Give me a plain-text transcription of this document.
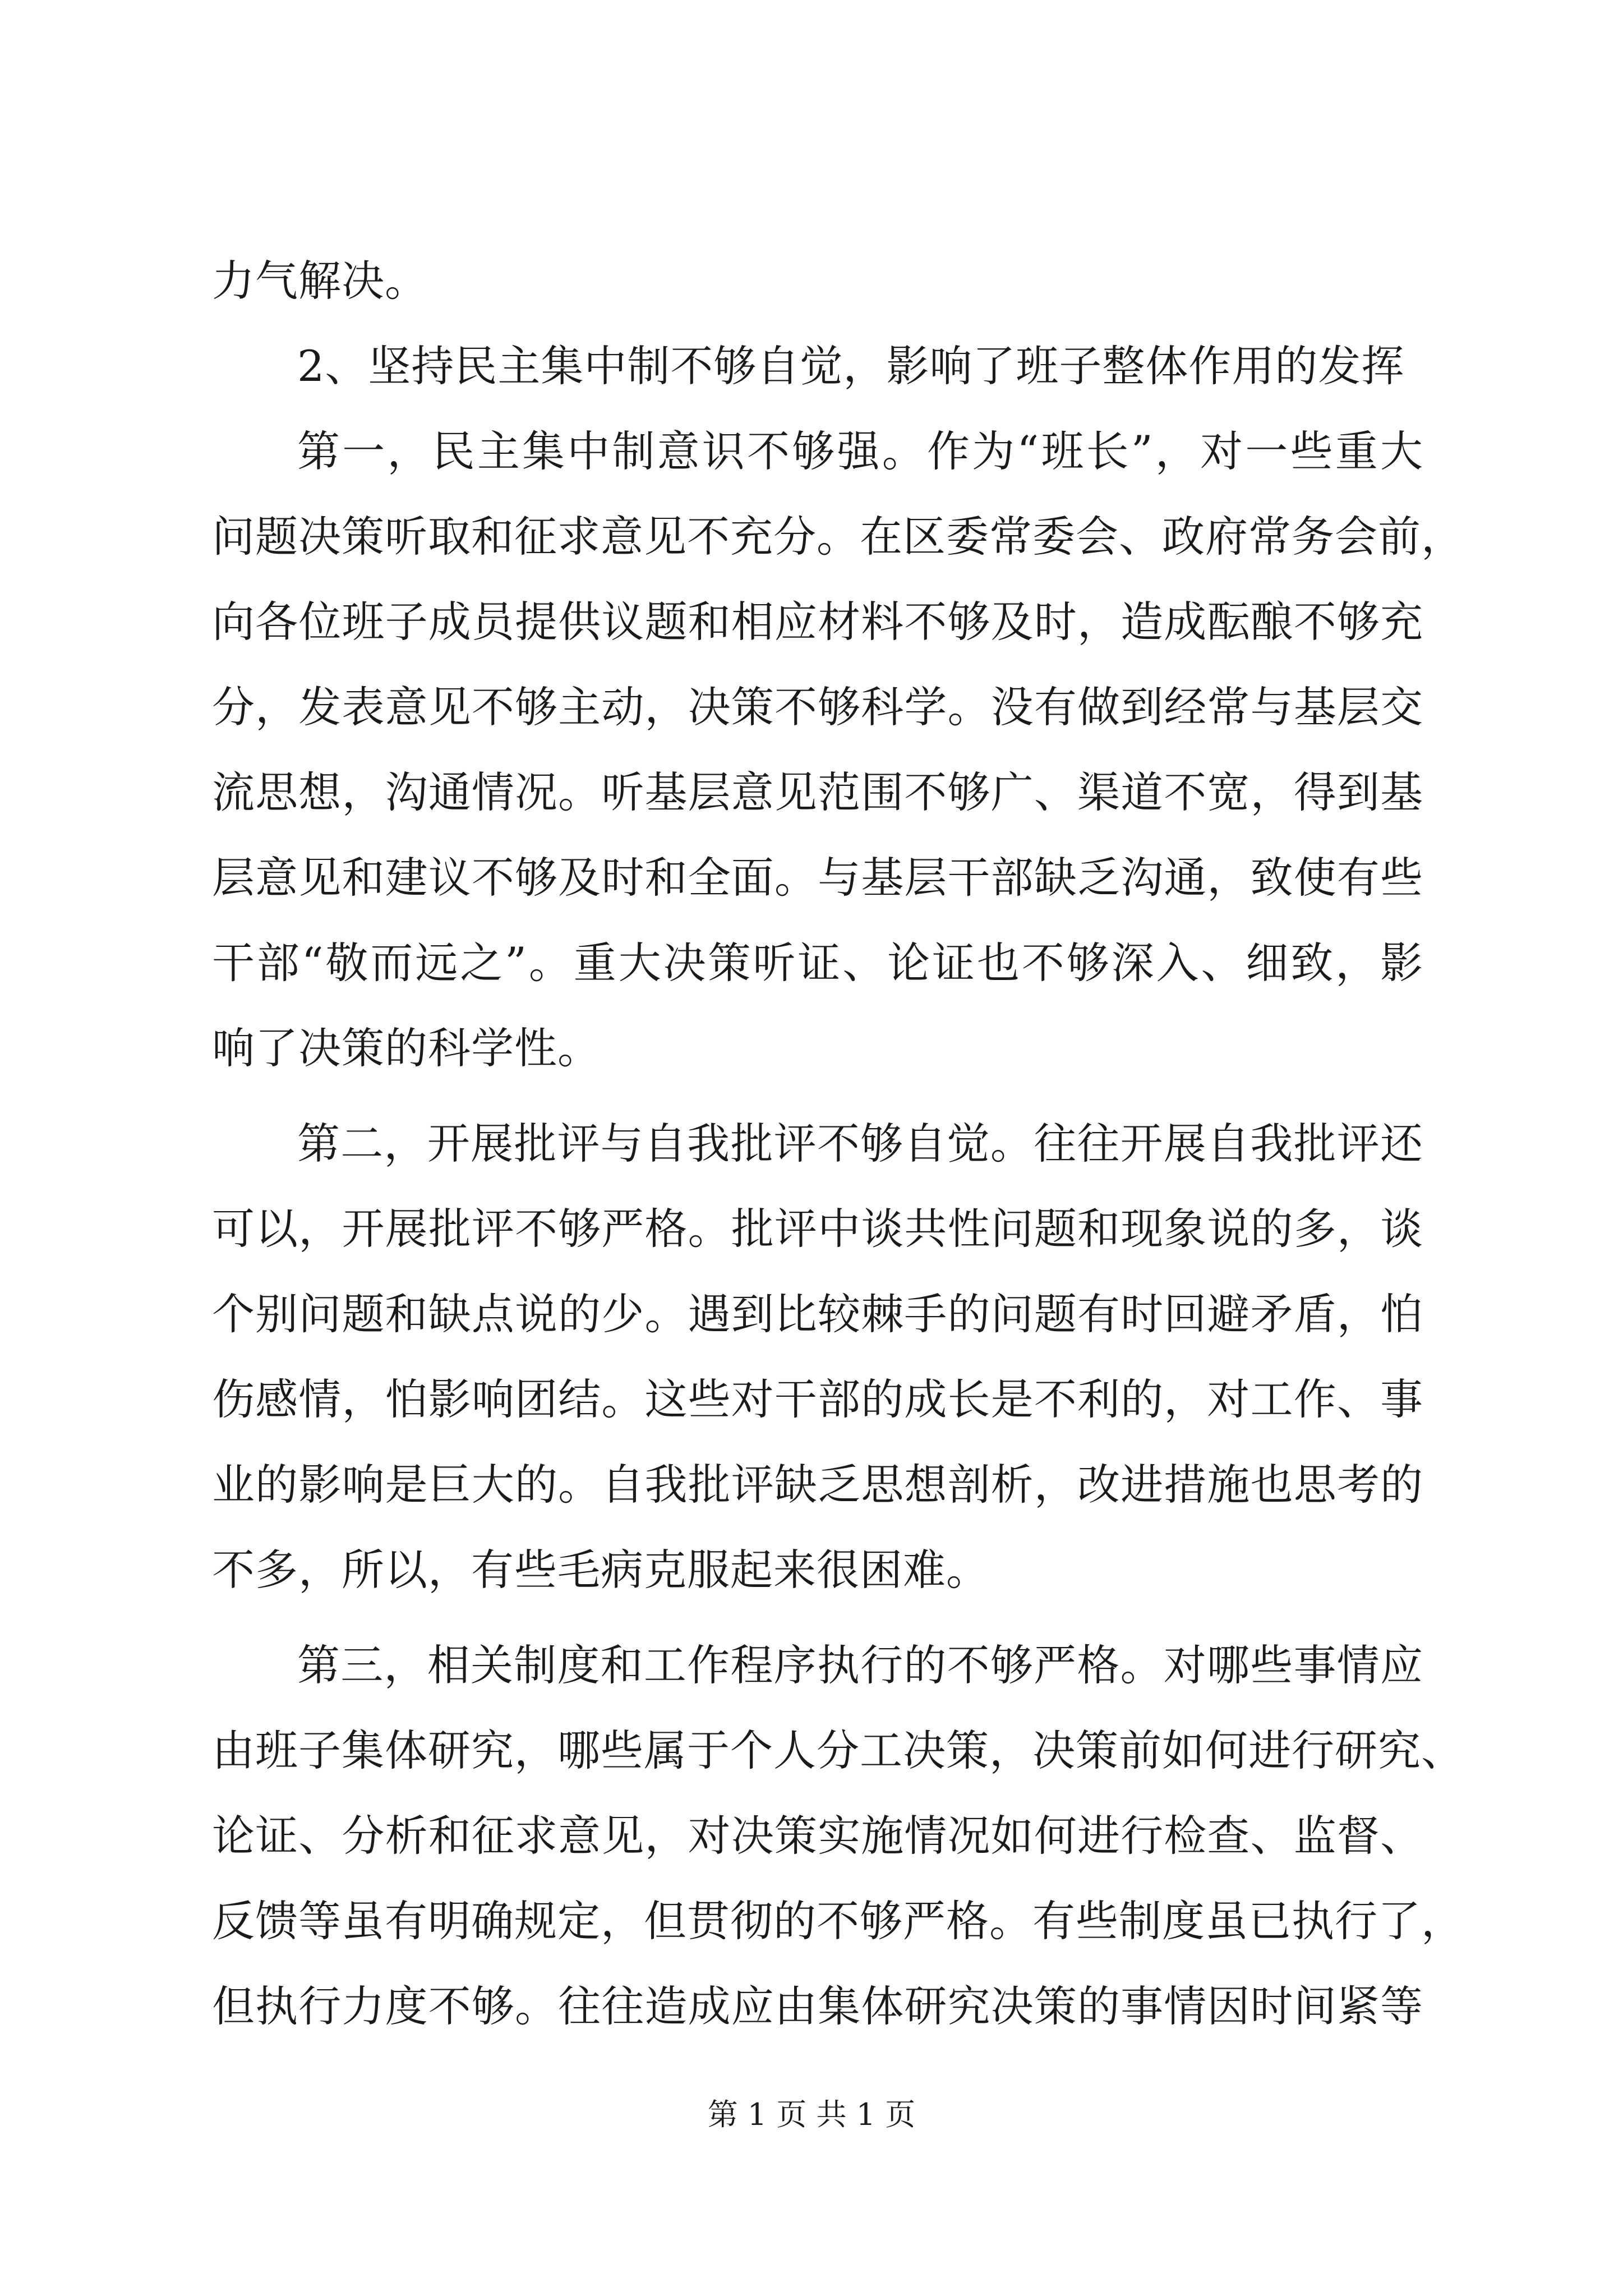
力气解决。
2、坚持民主集中制不够自觉，影响了班子整体作用的发挥
第一，民主集中制意识不够强。作为“班长”，对一些重大
问题决策听取和征求意见不充分。在区委常委会、政府常务会前，
向各位班子成员提供议题和相应材料不够及时，造成酝酿不够充
分，发表意见不够主动，决策不够科学。没有做到经常与基层交
流思想，沟通情况。听基层意见范围不够广、渠道不宽，得到基
层意见和建议不够及时和全面。与基层干部缺乏沟通，致使有些
干部“敬而远之”。重大决策听证、论证也不够深入、细致，影
响了决策的科学性。
第二，开展批评与自我批评不够自觉。往往开展自我批评还
可以，开展批评不够严格。批评中谈共性问题和现象说的多，谈
个别问题和缺点说的少。遇到比较棘手的问题有时回避矛盾，怕
伤感情，怕影响团结。这些对干部的成长是不利的，对工作、事
业的影响是巨大的。自我批评缺乏思想剖析，改进措施也思考的
不多，所以，有些毛病克服起来很困难。
第三，相关制度和工作程序执行的不够严格。对哪些事情应
由班子集体研究，哪些属于个人分工决策，决策前如何进行研究、
论证、分析和征求意见，对决策实施情况如何进行检查、监督、
反馈等虽有明确规定，但贯彻的不够严格。有些制度虽已执行了，
但执行力度不够。往往造成应由集体研究决策的事情因时间紧等
第 1 页 共 1 页
